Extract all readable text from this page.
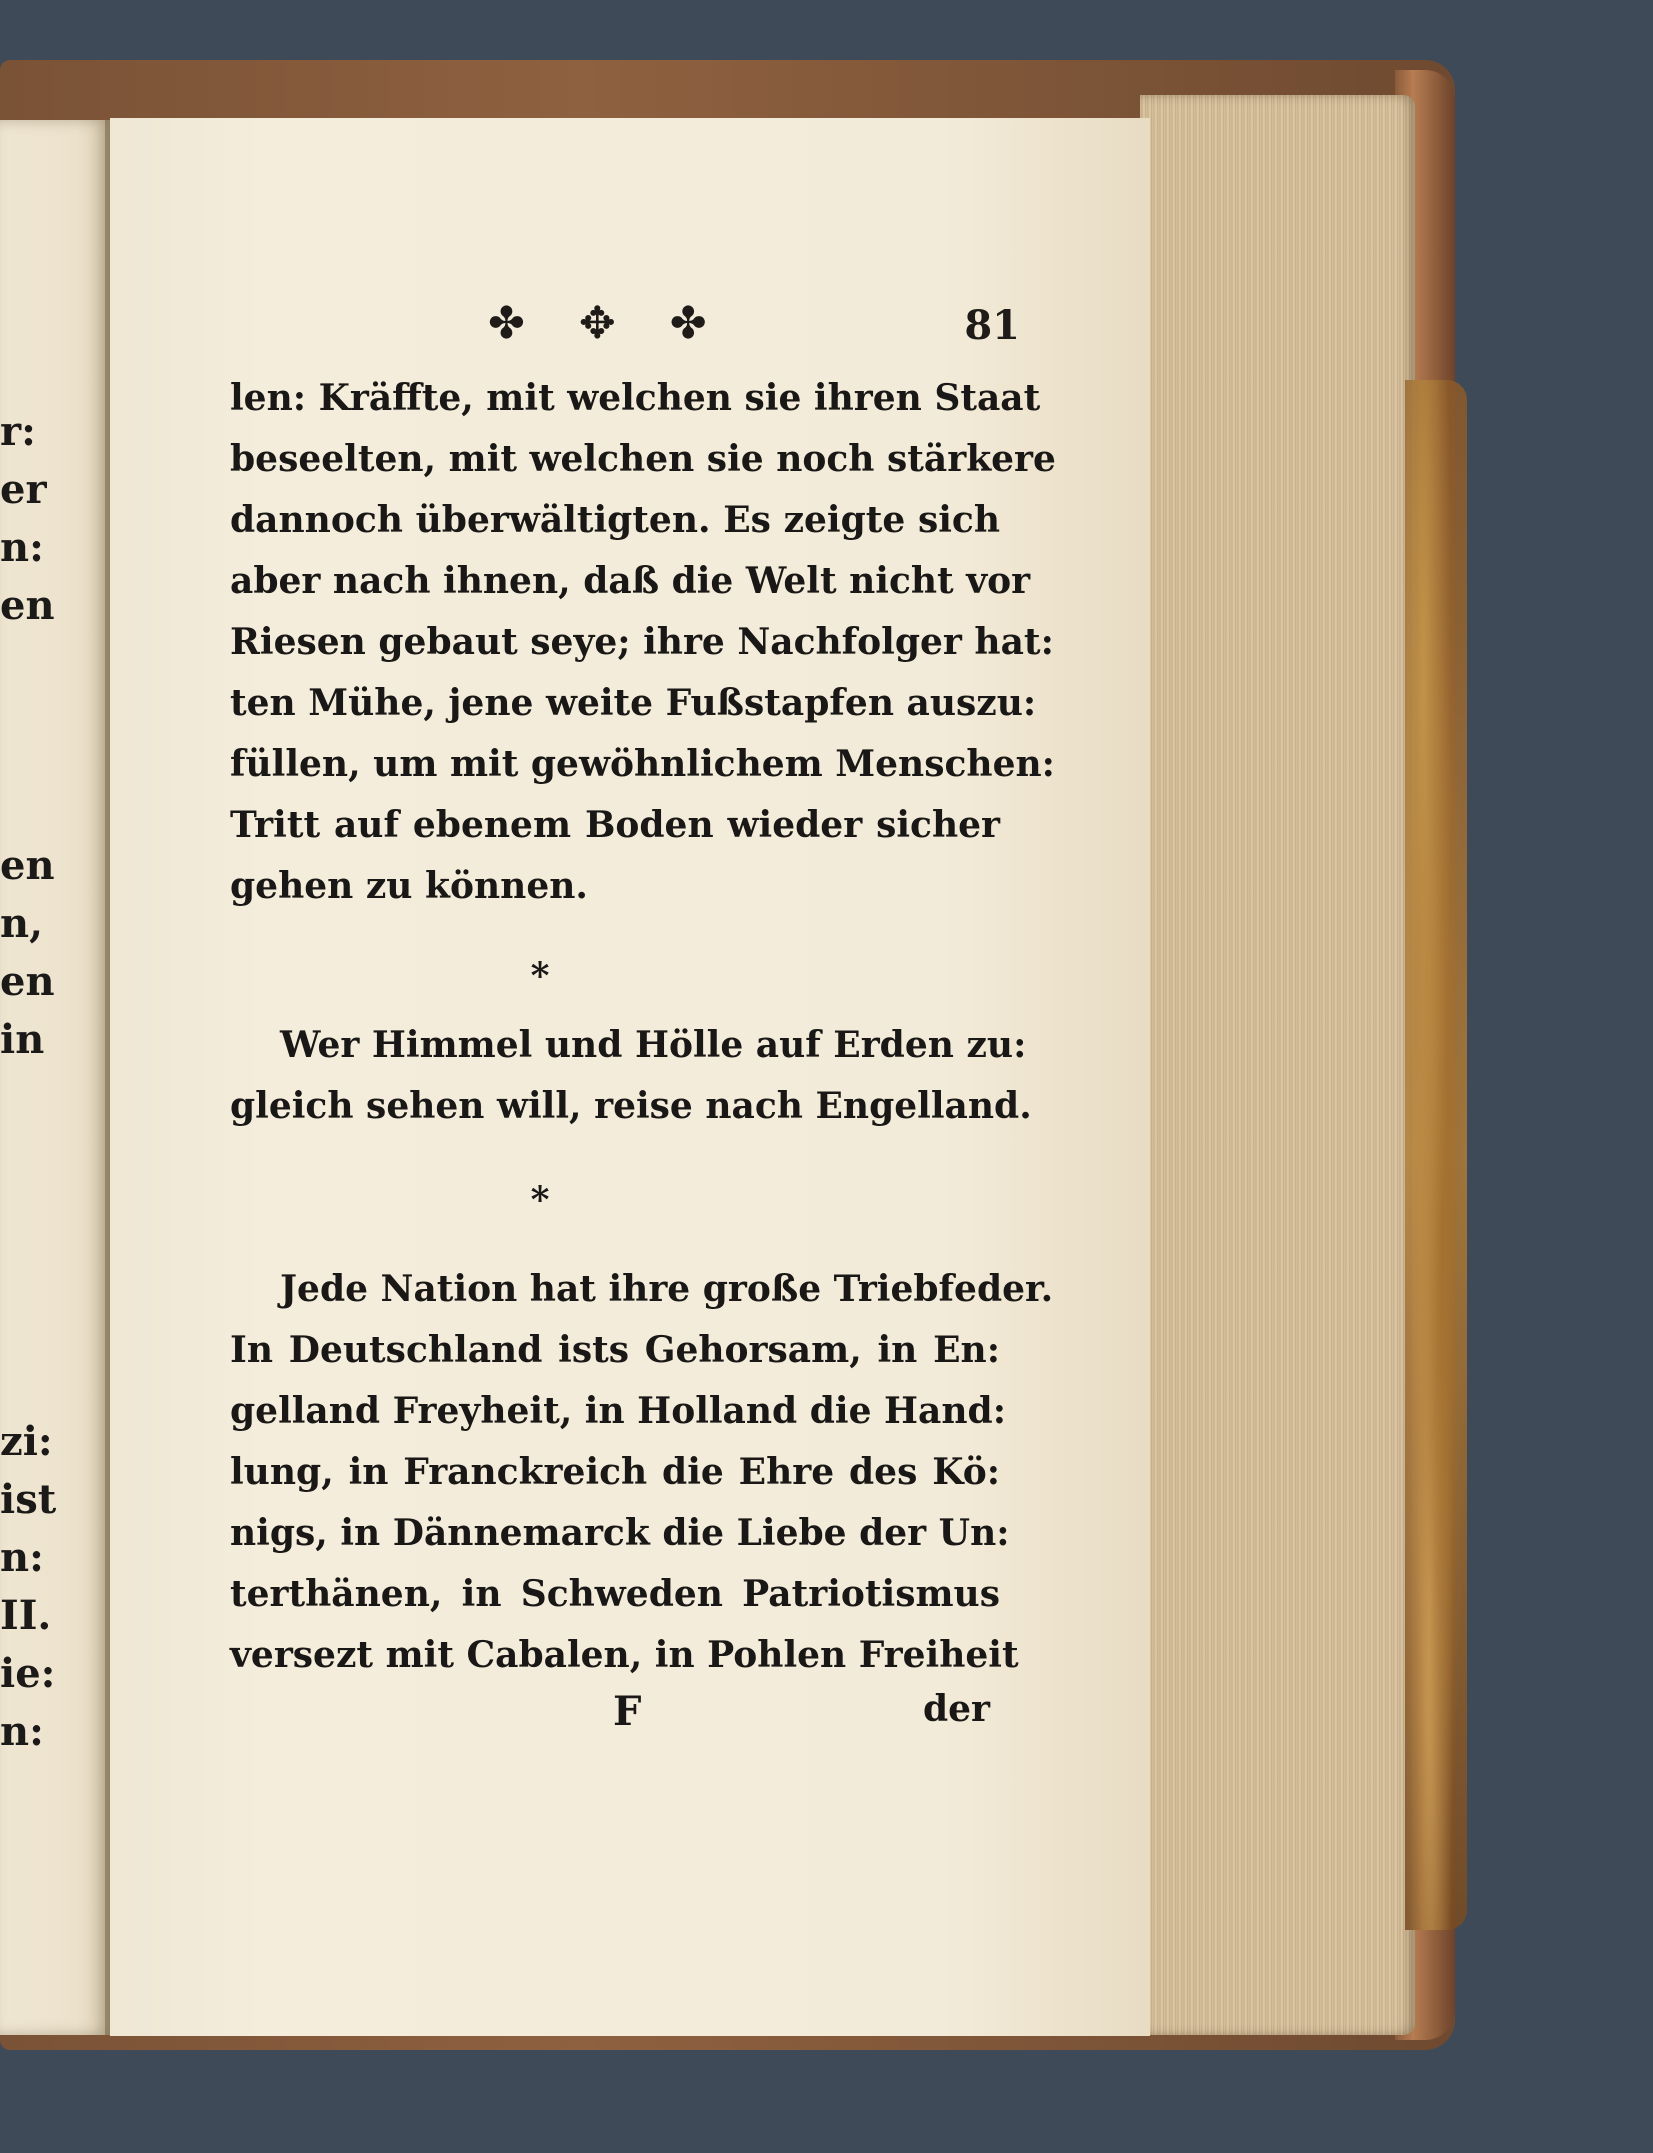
r:
er
n:
en
en
n,
en
in
zi:
ist
n:
II.
ie:
n:
✤ ✥ ✤	81
len: Kräffte, mit welchen sie ihren Staat
beseelten, mit welchen sie noch stärkere
dannoch überwältigten. Es zeigte sich
aber nach ihnen, daß die Welt nicht vor
Riesen gebaut seye; ihre Nachfolger hat:
ten Mühe, jene weite Fußstapfen auszu:
füllen, um mit gewöhnlichem Menschen:
Tritt auf ebenem Boden wieder sicher
gehen zu können.
*
Wer Himmel und Hölle auf Erden zu:
gleich sehen will, reise nach Engelland.
*
Jede Nation hat ihre große Triebfeder.
In Deutschland ists Gehorsam, in En:
gelland Freyheit, in Holland die Hand:
lung, in Franckreich die Ehre des Kö:
nigs, in Dännemarck die Liebe der Un:
terthänen, in Schweden Patriotismus
versezt mit Cabalen, in Pohlen Freiheit
F	der
